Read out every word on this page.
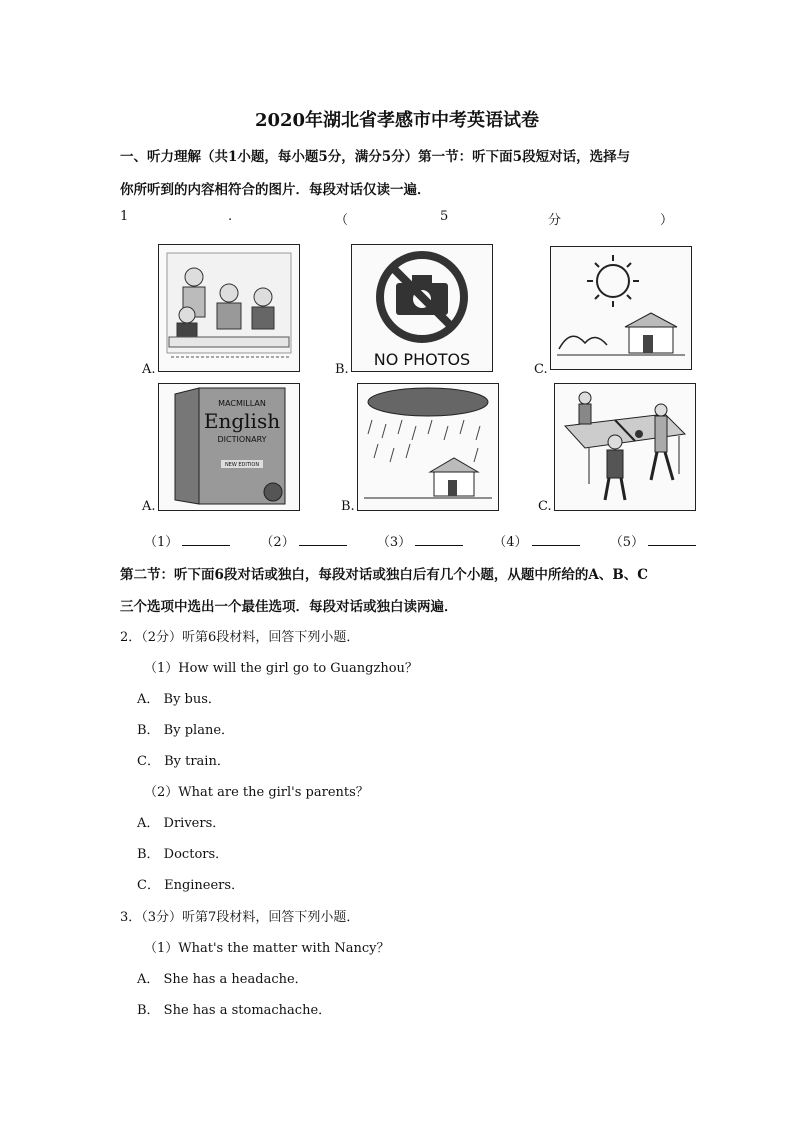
2020年湖北省孝感市中考英语试卷
一、听力理解（共1小题，每小题5分，满分5分）第一节：听下面5段短对话，选择与
你所听到的内容相符合的图片．每段对话仅读一遍．
1	.	（	5	分	）
A.	B.
NO PHOTOS
C.
A.
MACMILLAN
English
DICTIONARY
NEW EDITION
B.	C.
（1）	（2）	（3）	（4）	（5）
第二节：听下面6段对话或独白，每段对话或独白后有几个小题，从题中所给的A、B、C
三个选项中选出一个最佳选项．每段对话或独白读两遍．
2．（2分）听第6段材料，回答下列小题．
（1）How will the girl go to Guangzhou？
A． By bus．
B． By plane．
C． By train．
（2）What are the girl's parents？
A． Drivers．
B． Doctors．
C． Engineers．
3．（3分）听第7段材料，回答下列小题．
（1）What's the matter with Nancy？
A． She has a headache．
B． She has a stomachache．
